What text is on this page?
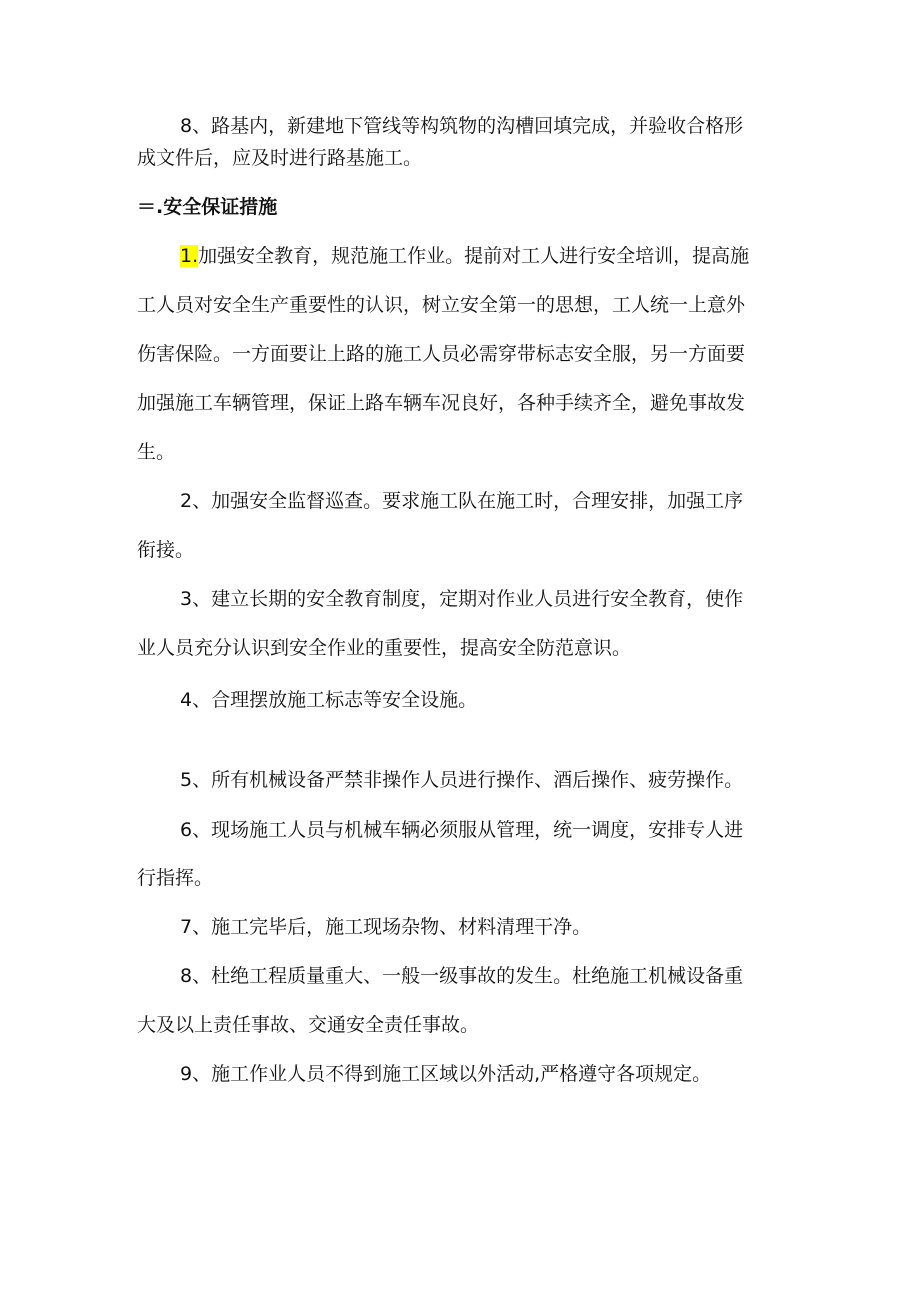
8、路基内，新建地下管线等构筑物的沟槽回填完成，并验收合格形

成文件后，应及时进行路基施工。

＝.安全保证措施

1.加强安全教育，规范施工作业。提前对工人进行安全培训，提高施

工人员对安全生产重要性的认识，树立安全第一的思想，工人统一上意外

伤害保险。一方面要让上路的施工人员必需穿带标志安全服，另一方面要

加强施工车辆管理，保证上路车辆车况良好，各种手续齐全，避免事故发

生。

2、加强安全监督巡查。要求施工队在施工时，合理安排，加强工序

衔接。

3、建立长期的安全教育制度，定期对作业人员进行安全教育，使作

业人员充分认识到安全作业的重要性，提高安全防范意识。

4、合理摆放施工标志等安全设施。

5、所有机械设备严禁非操作人员进行操作、酒后操作、疲劳操作。

6、现场施工人员与机械车辆必须服从管理，统一调度，安排专人进

行指挥。

7、施工完毕后，施工现场杂物、材料清理干净。

8、杜绝工程质量重大、一般一级事故的发生。杜绝施工机械设备重

大及以上责任事故、交通安全责任事故。

9、施工作业人员不得到施工区域以外活动,严格遵守各项规定。
